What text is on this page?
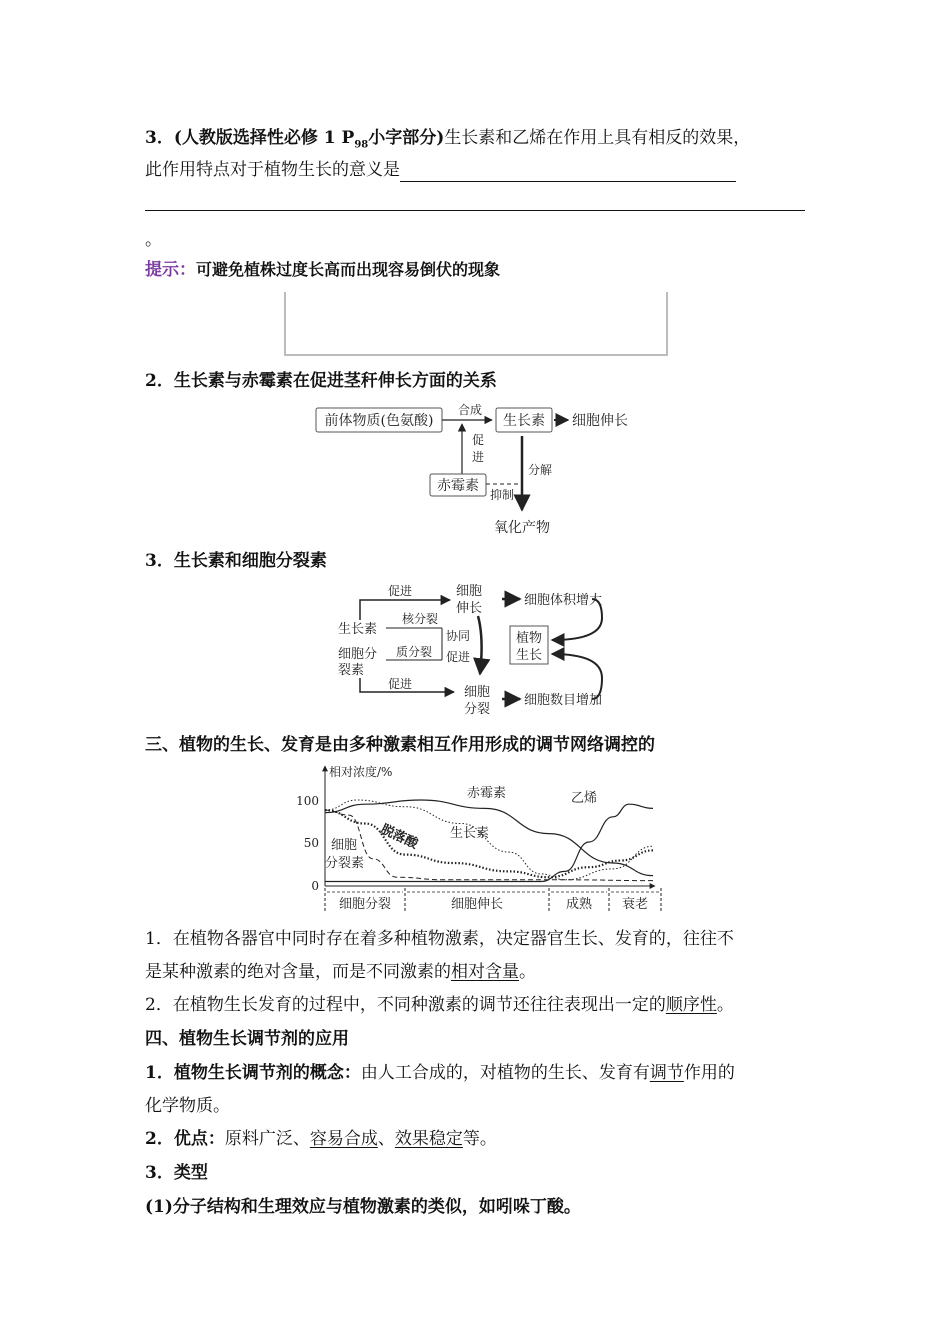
3．(人教版选择性必修 1 $P_{98}$小字部分)生长素和乙烯在作用上具有相反的效果，
此作用特点对于植物生长的意义是
。
提示：可避免植株过度长高而出现容易倒伏的现象
2．生长素与赤霉素在促进茎秆伸长方面的关系
前体物质(色氨酸)
合成
生长素 细胞伸长
促
进
赤霉素
抑制
分解
氧化产物
3．生长素和细胞分裂素
生长素
细胞分
裂素
促进
促进
核分裂
质分裂
细胞
伸长
协同
促进
细胞
分裂
细胞体积增大
细胞数目增加
植物
生长
三、植物的生长、发育是由多种激素相互作用形成的调节网络调控的
相对浓度/%
100
50
0
细胞分裂	细胞伸长	成熟 衰老
赤霉素	乙烯
生长素
脱落酸
细胞
分裂素
1．在植物各器官中同时存在着多种植物激素，决定器官生长、发育的，往往不
是某种激素的绝对含量，而是不同激素的相对含量。
2．在植物生长发育的过程中，不同种激素的调节还往往表现出一定的顺序性。
四、植物生长调节剂的应用
1．植物生长调节剂的概念：由人工合成的，对植物的生长、发育有调节作用的
化学物质。
2．优点：原料广泛、容易合成、效果稳定等。
3．类型
(1)分子结构和生理效应与植物激素的类似，如吲哚丁酸。
